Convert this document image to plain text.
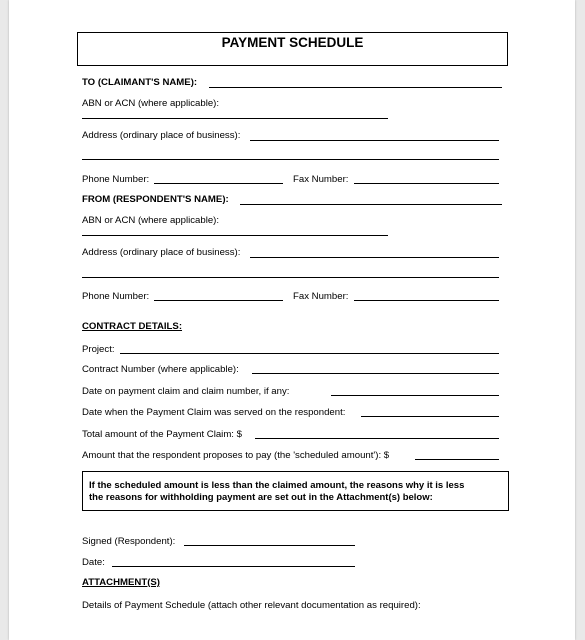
PAYMENT SCHEDULE
TO (CLAIMANT'S NAME):
ABN or ACN (where applicable):
Address (ordinary place of business):
Phone Number:	Fax Number:
FROM (RESPONDENT'S NAME):
ABN or ACN (where applicable):
Address (ordinary place of business):
Phone Number:	Fax Number:
CONTRACT DETAILS:
Project:
Contract Number (where applicable):
Date on payment claim and claim number, if any:
Date when the Payment Claim was served on the respondent:
Total amount of the Payment Claim: $
Amount that the respondent proposes to pay (the 'scheduled amount'): $
If the scheduled amount is less than the claimed amount, the reasons why it is less
the reasons for withholding payment are set out in the Attachment(s) below:
Signed (Respondent):
Date:
ATTACHMENT(S)
Details of Payment Schedule (attach other relevant documentation as required):
